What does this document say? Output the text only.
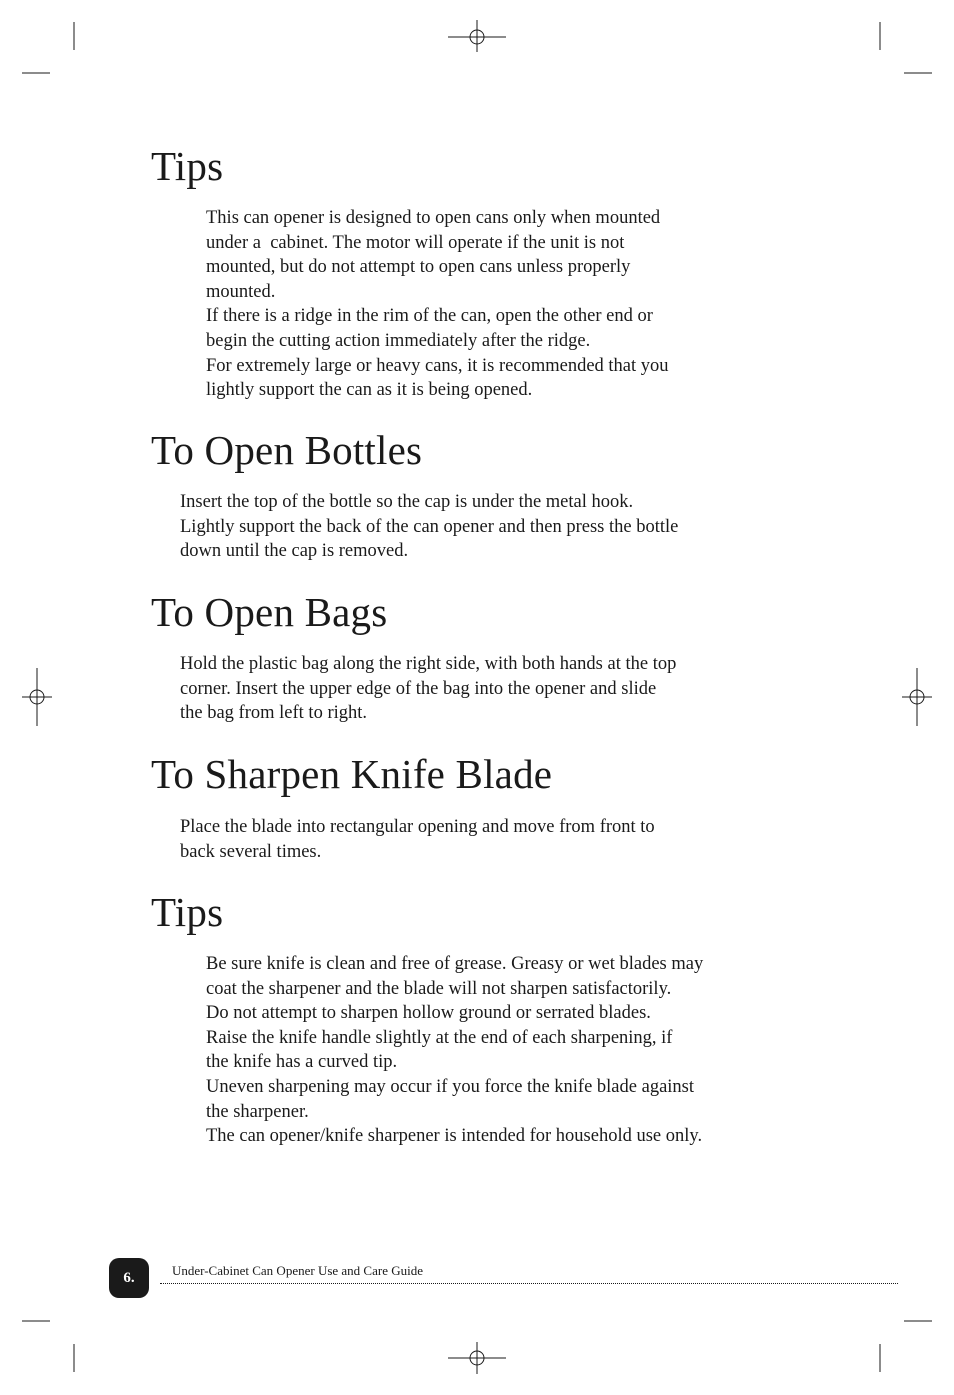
Tips

This can opener is designed to open cans only when mounted
under a  cabinet. The motor will operate if the unit is not
mounted, but do not attempt to open cans unless properly
mounted.

If there is a ridge in the rim of the can, open the other end or
begin the cutting action immediately after the ridge.

For extremely large or heavy cans, it is recommended that you
lightly support the can as it is being opened.

To Open Bottles

Insert the top of the bottle so the cap is under the metal hook.
Lightly support the back of the can opener and then press the bottle
down until the cap is removed.

To Open Bags

Hold the plastic bag along the right side, with both hands at the top
corner. Insert the upper edge of the bag into the opener and slide
the bag from left to right.

To Sharpen Knife Blade

Place the blade into rectangular opening and move from front to
back several times.

Tips

Be sure knife is clean and free of grease. Greasy or wet blades may
coat the sharpener and the blade will not sharpen satisfactorily.

Do not attempt to sharpen hollow ground or serrated blades.

Raise the knife handle slightly at the end of each sharpening, if
the knife has a curved tip.

Uneven sharpening may occur if you force the knife blade against
the sharpener.

The can opener/knife sharpener is intended for household use only.

6.	Under-Cabinet Can Opener Use and Care Guide
